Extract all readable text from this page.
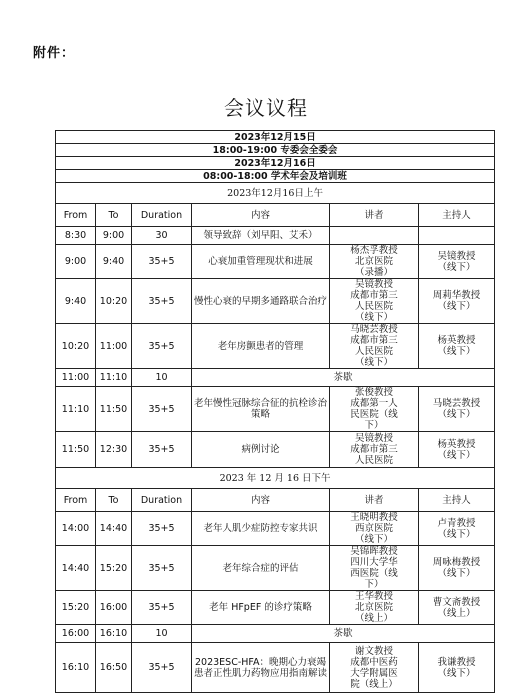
附件：
会议议程
2023年12月15日					
18:00-19:00 专委会全委会					
2023年12月16日					
08:00-18:00 学术年会及培训班					
2023年12月16日上午					
From	To	Duration	内容	讲者	主持人
8:30	9:00	30	领导致辞（刘早阳、艾禾）		
9:00	9:40	35+5	心衰加重管理现状和进展	杨杰孚教授
北京医院
（录播）	吴镜教授
（线下）

9:40	10:20	35+5	慢性心衰的早期多通路联合治疗	吴镜教授
成都市第三
人民医院
（线下）	周莉华教授
（线下）

10:20	11:00	35+5	老年房颤患者的管理	马晓芸教授
成都市第三
人民医院
（线下）	杨英教授
（线下）

11:00	11:10	10	茶歇		
11:10	11:50	35+5	老年慢性冠脉综合征的抗栓诊治策略	张俊教授
成都第一人
民医院（线
下）	马晓芸教授
（线下）

11:50	12:30	35+5	病例讨论	吴镜教授
成都市第三
人民医院	杨英教授
（线下）

2023 年 12 月 16 日下午					
From	To	Duration	内容	讲者	主持人
14:00	14:40	35+5	老年人肌少症防控专家共识	王晓明教授
西京医院
（线下）	卢青教授
（线下）

14:40	15:20	35+5	老年综合症的评估	吴锦晖教授
四川大学华
西医院（线
下）	周咏梅教授
（线下）

15:20	16:00	35+5	老年 HFpEF 的诊疗策略	王华教授
北京医院
（线上）	曹文斋教授
（线上）

16:00	16:10	10	茶歇		
16:10	16:50	35+5	2023ESC-HFA：晚期心力衰竭患者正性肌力药物应用指南解读	谢文教授
成都中医药
大学附属医
院（线上）	我谦教授
（线下）
